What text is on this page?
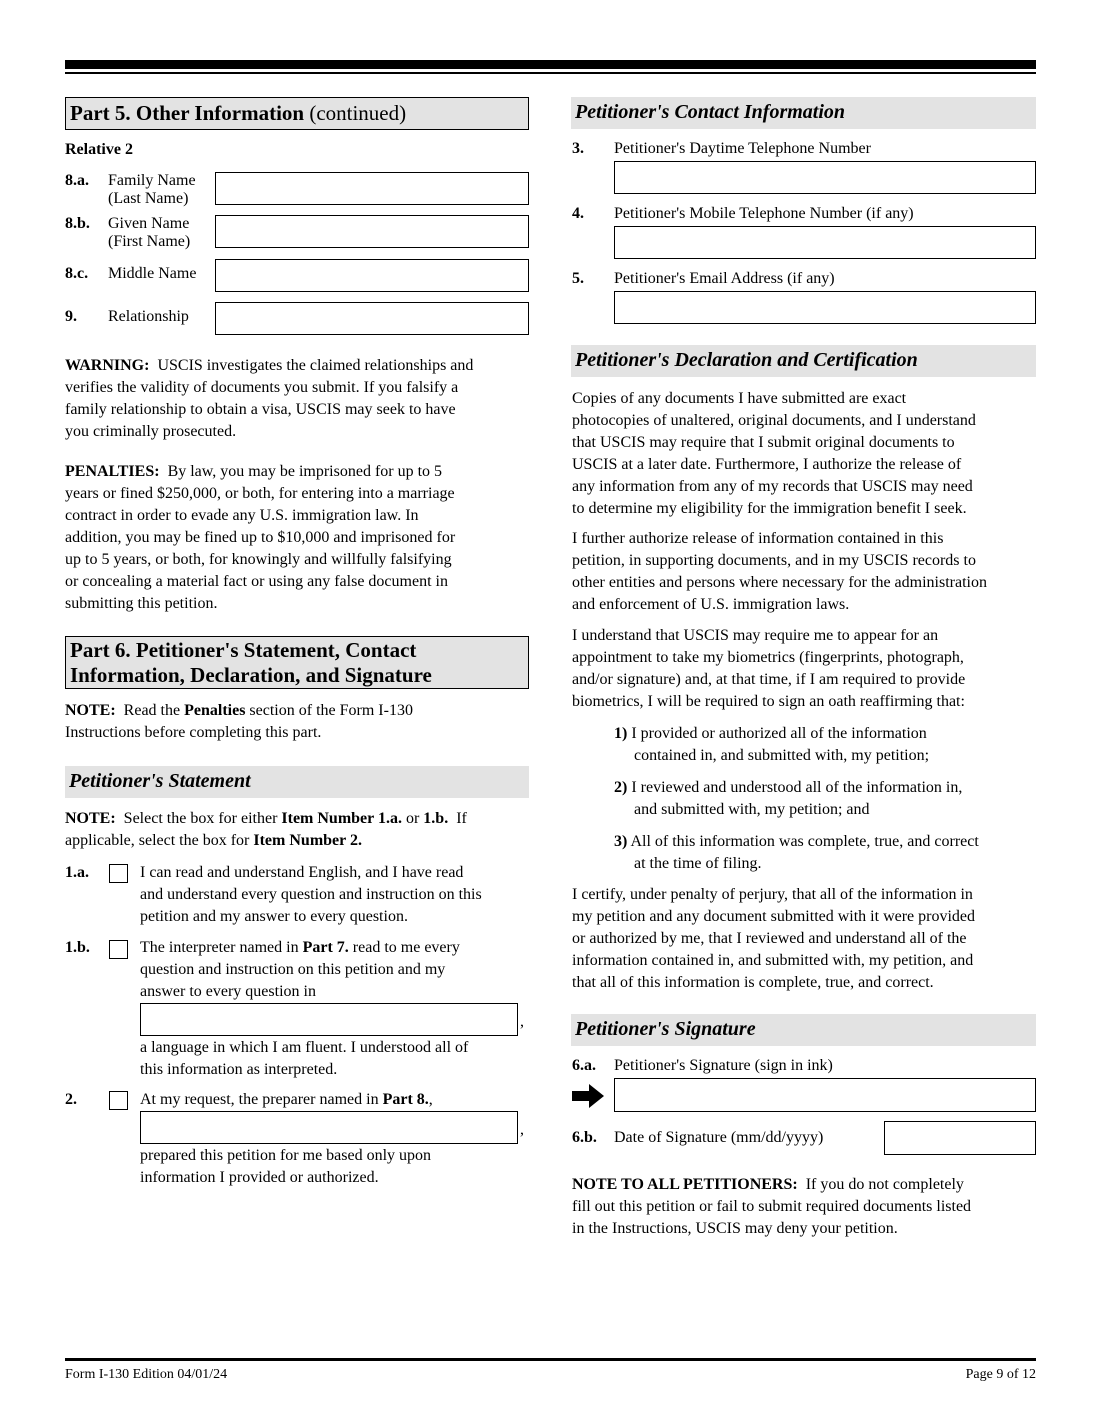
Part 5. Other Information (continued)
Relative 2
8.a. Family Name
(Last Name)
8.b. Given Name
(First Name)
8.c. Middle Name
9. Relationship
WARNING: USCIS investigates the claimed relationships and
verifies the validity of documents you submit. If you falsify a
family relationship to obtain a visa, USCIS may seek to have
you criminally prosecuted.
PENALTIES: By law, you may be imprisoned for up to 5
years or fined $250,000, or both, for entering into a marriage
contract in order to evade any U.S. immigration law. In
addition, you may be fined up to $10,000 and imprisoned for
up to 5 years, or both, for knowingly and willfully falsifying
or concealing a material fact or using any false document in
submitting this petition.
Part 6. Petitioner's Statement, Contact
Information, Declaration, and Signature
NOTE: Read the Penalties section of the Form I-130
Instructions before completing this part.
Petitioner's Statement
NOTE: Select the box for either Item Number 1.a. or 1.b. If
applicable, select the box for Item Number 2.
1.a.	I can read and understand English, and I have read
and understand every question and instruction on this
petition and my answer to every question.
1.b.	The interpreter named in Part 7. read to me every
question and instruction on this petition and my
answer to every question in
,
a language in which I am fluent. I understood all of
this information as interpreted.
2.	At my request, the preparer named in Part 8.,
,
prepared this petition for me based only upon
information I provided or authorized.
Petitioner's Contact Information
3. Petitioner's Daytime Telephone Number
4. Petitioner's Mobile Telephone Number (if any)
5. Petitioner's Email Address (if any)
Petitioner's Declaration and Certification
Copies of any documents I have submitted are exact
photocopies of unaltered, original documents, and I understand
that USCIS may require that I submit original documents to
USCIS at a later date. Furthermore, I authorize the release of
any information from any of my records that USCIS may need
to determine my eligibility for the immigration benefit I seek.
I further authorize release of information contained in this
petition, in supporting documents, and in my USCIS records to
other entities and persons where necessary for the administration
and enforcement of U.S. immigration laws.
I understand that USCIS may require me to appear for an
appointment to take my biometrics (fingerprints, photograph,
and/or signature) and, at that time, if I am required to provide
biometrics, I will be required to sign an oath reaffirming that:
1) I provided or authorized all of the information
contained in, and submitted with, my petition;
2) I reviewed and understood all of the information in,
and submitted with, my petition; and
3) All of this information was complete, true, and correct
at the time of filing.
I certify, under penalty of perjury, that all of the information in
my petition and any document submitted with it were provided
or authorized by me, that I reviewed and understand all of the
information contained in, and submitted with, my petition, and
that all of this information is complete, true, and correct.
Petitioner's Signature
6.a. Petitioner's Signature (sign in ink)
6.b. Date of Signature (mm/dd/yyyy)
NOTE TO ALL PETITIONERS: If you do not completely
fill out this petition or fail to submit required documents listed
in the Instructions, USCIS may deny your petition.
Form I-130 Edition 04/01/24	Page 9 of 12
